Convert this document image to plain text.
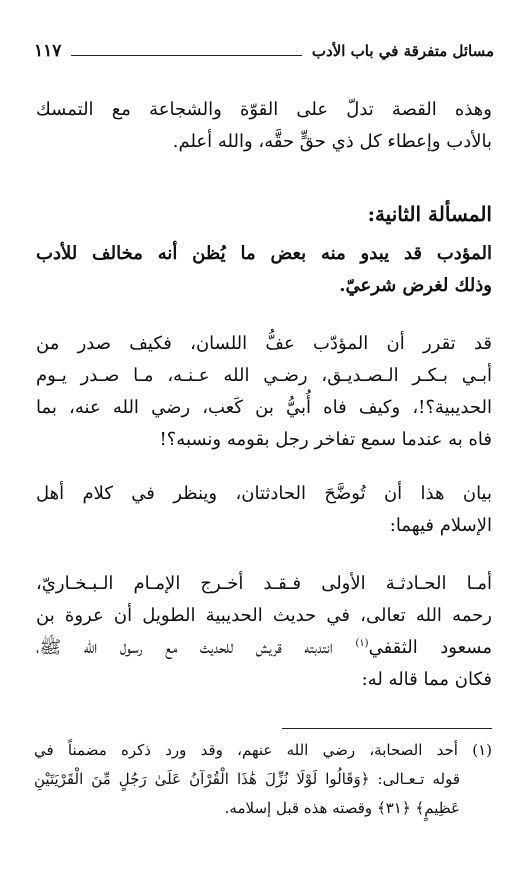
مسائل متفرقة في باب الأدب
١١٧
وهذه القصة تدلّ على القوّة والشجاعة مع التمسك
بالأدب وإعطاء كل ذي حقٍّ حقَّه، والله أعلم.
المسألة الثانية:
المؤدب قد يبدو منه بعض ما يُظن أنه مخالف للأدب
وذلك لغرض شرعيّ.
قد تقرر أن المؤدّب عفُّ اللسان، فكيف صدر من
أبـي بـكـر الـصـديـق، رضـي الله عـنـه، مـا صـدر يـوم
الحديبية؟!، وكيف فاه أُبيُّ بن كَعب، رضي الله عنه، بما
فاه به عندما سمع تفاخر رجل بقومه ونسبه؟!
بيان هذا أن تُوضَّحَ الحادثتان، وينظر في كلام أهل
الإسلام فيهما:
أمـا الحـادثـة الأولى فـقـد أخـرج الإمـام الـبـخـاريّ،
رحمه الله تعالى، في حديث الحديبية الطويل أن عروة بن
مسعود الثقفي$^{(١)}$ انتدبته قريش للحديث مع رسول الله ﷺ،
فكان مما قاله له:
(١) أحد الصحابة، رضي الله عنهم، وقد ورد ذكره مضمناً في
قوله تـعـالى: ﴿وَقَالُوا لَوْلَا نُزِّلَ هَٰذَا الْقُرْآنُ عَلَىٰ رَجُلٍ مِّنَ الْقَرْيَتَيْنِ
عَظِيمٍ﴾ ﴿٣١﴾ وقصته هذه قبل إسلامه.
